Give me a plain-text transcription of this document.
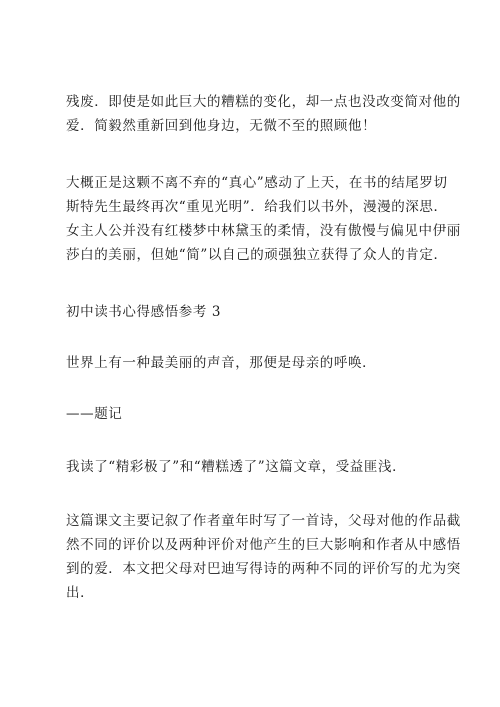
残废．即使是如此巨大的糟糕的变化，却一点也没改变简对他的
爱．简毅然重新回到他身边，无微不至的照顾他！

大概正是这颗不离不弃的“真心”感动了上天，在书的结尾罗切
斯特先生最终再次“重见光明”．给我们以书外，漫漫的深思．
女主人公并没有红楼梦中林黛玉的柔情，没有傲慢与偏见中伊丽
莎白的美丽，但她“简”以自己的顽强独立获得了众人的肯定．

初中读书心得感悟参考 3

世界上有一种最美丽的声音，那便是母亲的呼唤．

——题记

我读了“精彩极了”和“糟糕透了”这篇文章，受益匪浅．

这篇课文主要记叙了作者童年时写了一首诗，父母对他的作品截
然不同的评价以及两种评价对他产生的巨大影响和作者从中感悟
到的爱．本文把父母对巴迪写得诗的两种不同的评价写的尤为突
出．
